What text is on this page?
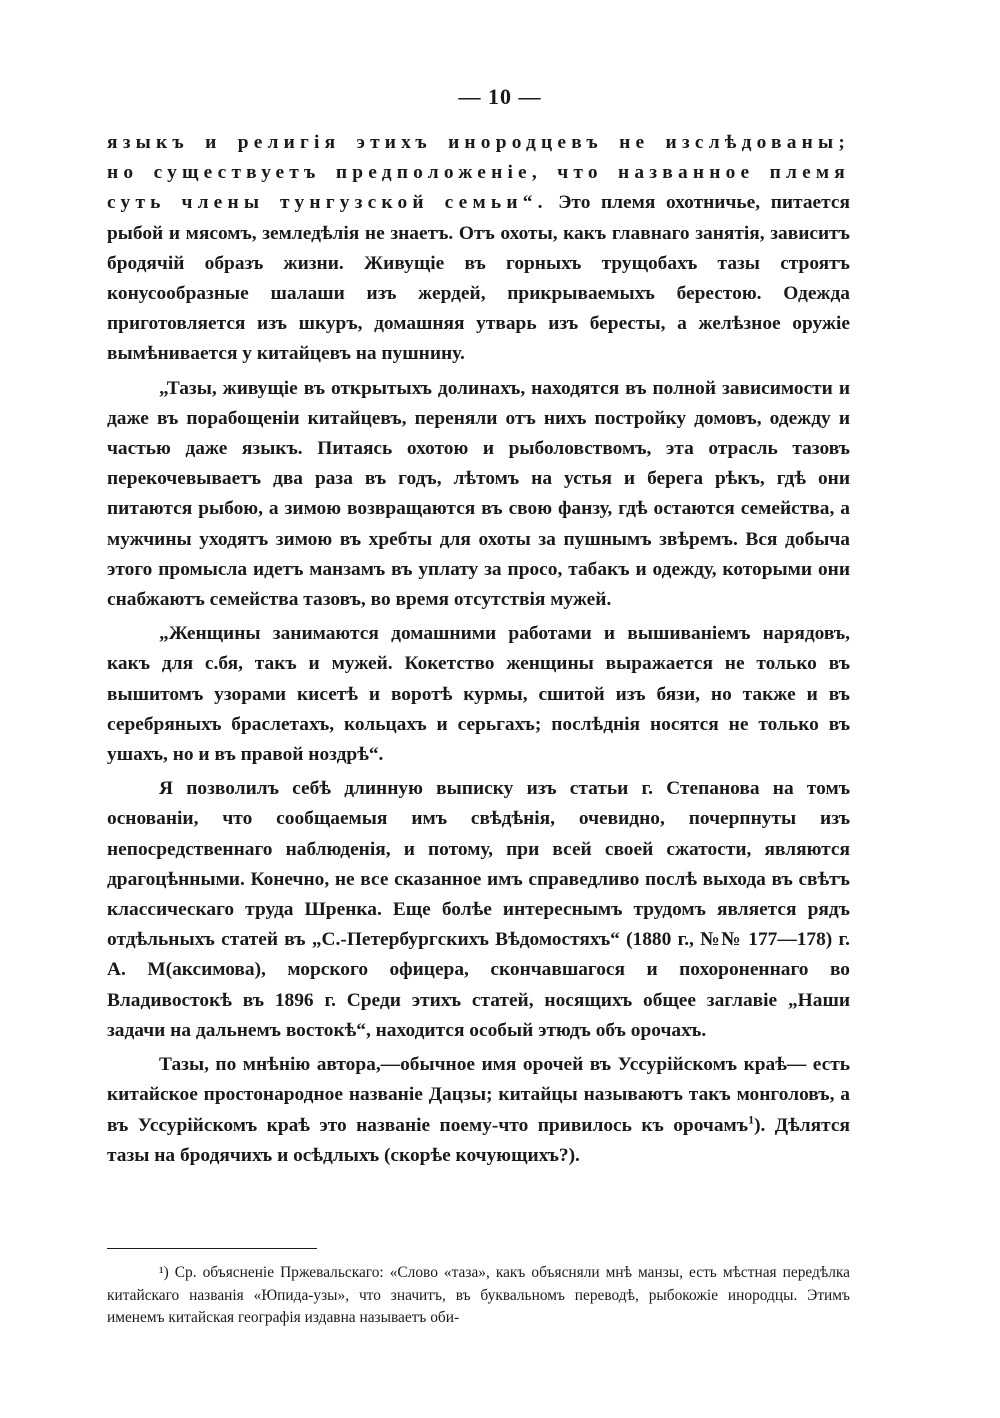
— 10 —

языкъ и религія этихъ инородцевъ не изслѣдованы; но существуетъ предположеніе, что названное племя суть члены тунгузской семьи“. Это племя охотничье, питается рыбой и мясомъ, земледѣлія не знаетъ. Отъ охоты, какъ главнаго занятія, зависитъ бродячій образъ жизни. Живущіе въ горныхъ трущобахъ тазы строятъ конусообразные шалаши изъ жердей, прикрываемыхъ берестою. Одежда приготовляется изъ шкуръ, домашняя утварь изъ бересты, а желѣзное оружіе вымѣнивается у китайцевъ на пушнину.

„Тазы, живущіе въ открытыхъ долинахъ, находятся въ полной зависимости и даже въ порабощеніи китайцевъ, переняли отъ нихъ постройку домовъ, одежду и частью даже языкъ. Питаясь охотою и рыболовствомъ, эта отрасль тазовъ перекочевываетъ два раза въ годъ, лѣтомъ на устья и берега рѣкъ, гдѣ они питаются рыбою, а зимою возвращаются въ свою фанзу, гдѣ остаются семейства, а мужчины уходятъ зимою въ хребты для охоты за пушнымъ звѣремъ. Вся добыча этого промысла идетъ манзамъ въ уплату за просо, табакъ и одежду, которыми они снабжаютъ семейства тазовъ, во время отсутствія мужей.

„Женщины занимаются домашними работами и вышиваніемъ нарядовъ, какъ для с.бя, такъ и мужей. Кокетство женщины выражается не только въ вышитомъ узорами кисетѣ и воротѣ курмы, сшитой изъ бязи, но также и въ серебряныхъ браслетахъ, кольцахъ и серьгахъ; послѣднія носятся не только въ ушахъ, но и въ правой ноздрѣ“.

Я позволилъ себѣ длинную выписку изъ статьи г. Степанова на томъ основаніи, что сообщаемыя имъ свѣдѣнія, очевидно, почерпнуты изъ непосредственнаго наблюденія, и потому, при всей своей сжатости, являются драгоцѣнными. Конечно, не все сказанное имъ справедливо послѣ выхода въ свѣтъ классическаго труда Шренка. Еще болѣе интереснымъ трудомъ является рядъ отдѣльныхъ статей въ „С.-Петербургскихъ Вѣдомостяхъ“ (1880 г., №№ 177—178) г. А. М(аксимова), морского офицера, скончавшагося и похороненнаго во Владивостокѣ въ 1896 г. Среди этихъ статей, носящихъ общее заглавіе „Наши задачи на дальнемъ востокѣ“, находится особый этюдъ объ орочахъ.

Тазы, по мнѣнію автора,—обычное имя орочей въ Уссурійскомъ краѣ— есть китайское простонародное названіе Дацзы; китайцы называютъ такъ монголовъ, а въ Уссурійскомъ краѣ это названіе поему-что привилось къ орочамъ$^1$). Дѣлятся тазы на бродячихъ и осѣдлыхъ (скорѣе кочующихъ?).

¹) Ср. объясненіе Пржевальскаго: «Слово «таза», какъ объясняли мнѣ манзы, есть мѣстная передѣлка китайскаго названія «Юпида-узы», что значитъ, въ буквальномъ переводѣ, рыбокожіе инородцы. Этимъ именемъ китайская географія издавна называетъ оби-
